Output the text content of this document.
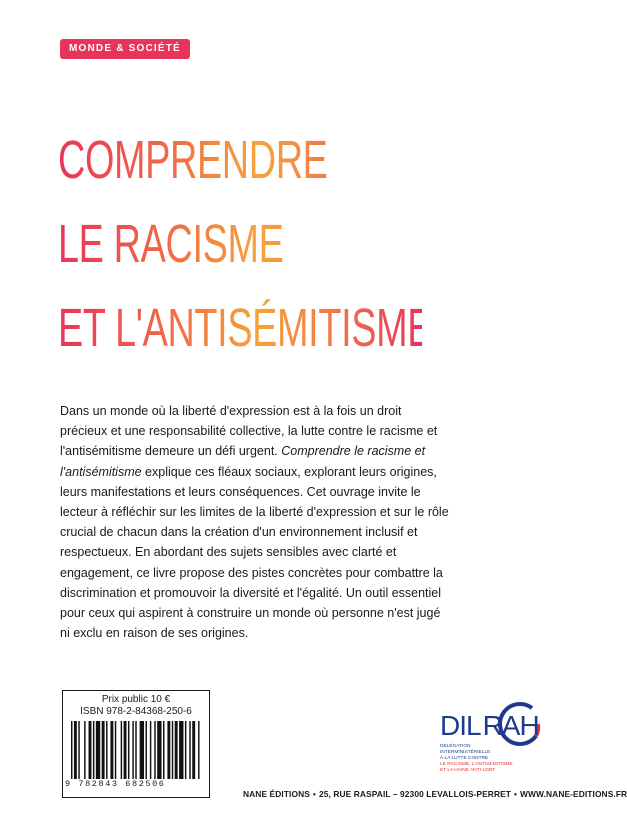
MONDE & SOCIÉTÉ
COMPRENDRE
LE RACISME
ET L'ANTISÉMITISME

Dans un monde où la liberté d'expression est à la fois un droit précieux et une responsabilité collective, la lutte contre le racisme et l'antisémitisme demeure un défi urgent. Comprendre le racisme et l'antisémitisme explique ces fléaux sociaux, explorant leurs origines, leurs manifestations et leurs conséquences. Cet ouvrage invite le lecteur à réfléchir sur les limites de la liberté d'expression et sur le rôle crucial de chacun dans la création d'un environnement inclusif et respectueux. En abordant des sujets sensibles avec clarté et engagement, ce livre propose des pistes concrètes pour combattre la discrimination et promouvoir la diversité et l'égalité. Un outil essentiel pour ceux qui aspirent à construire un monde où personne n'est jugé ni exclu en raison de ses origines.

Prix public 10 €
ISBN 978-2-84368-250-6
9 782843 682506
DILRAH
DÉLÉGATION
INTERMINISTÉRIELLE
À LA LUTTE CONTRE
LE RACISME, L'ANTISÉMITISME
ET LA HAINE ANTI-LGBT
NANE ÉDITIONS • 25, RUE RASPAIL – 92300 LEVALLOIS-PERRET • WWW.NANE-EDITIONS.FR
